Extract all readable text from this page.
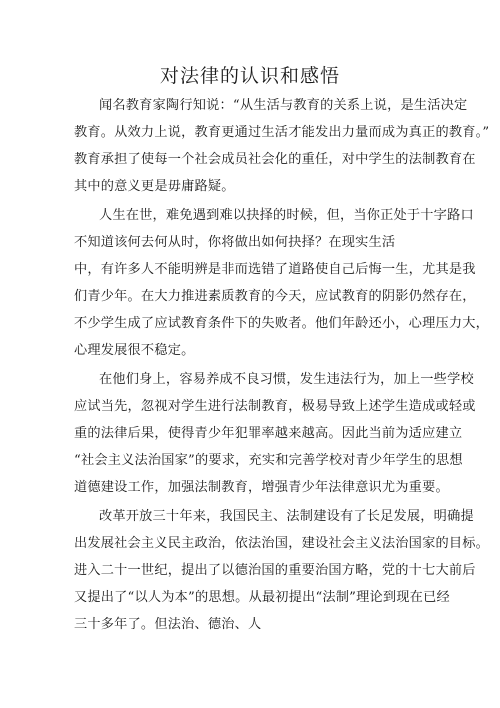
对法律的认识和感悟
闻名教育家陶行知说：“从生活与教育的关系上说，是生活决定
教育。从效力上说，教育更通过生活才能发出力量而成为真正的教育。”
教育承担了使每一个社会成员社会化的重任，对中学生的法制教育在
其中的意义更是毋庸路疑。
人生在世，难免遇到难以抉择的时候，但，当你正处于十字路口
不知道该何去何从时，你将做出如何抉择？在现实生活
中，有许多人不能明辨是非而选错了道路使自己后悔一生，尤其是我
们青少年。在大力推进素质教育的今天，应试教育的阴影仍然存在，
不少学生成了应试教育条件下的失败者。他们年龄还小，心理压力大，
心理发展很不稳定。
在他们身上，容易养成不良习惯，发生违法行为，加上一些学校
应试当先，忽视对学生进行法制教育，极易导致上述学生造成或轻或
重的法律后果，使得青少年犯罪率越来越高。因此当前为适应建立
“社会主义法治国家”的要求，充实和完善学校对青少年学生的思想
道德建设工作，加强法制教育，增强青少年法律意识尤为重要。
改革开放三十年来，我国民主、法制建设有了长足发展，明确提
出发展社会主义民主政治，依法治国，建设社会主义法治国家的目标。
进入二十一世纪，提出了以德治国的重要治国方略，党的十七大前后
又提出了“以人为本”的思想。从最初提出“法制”理论到现在已经
三十多年了。但法治、德治、人
